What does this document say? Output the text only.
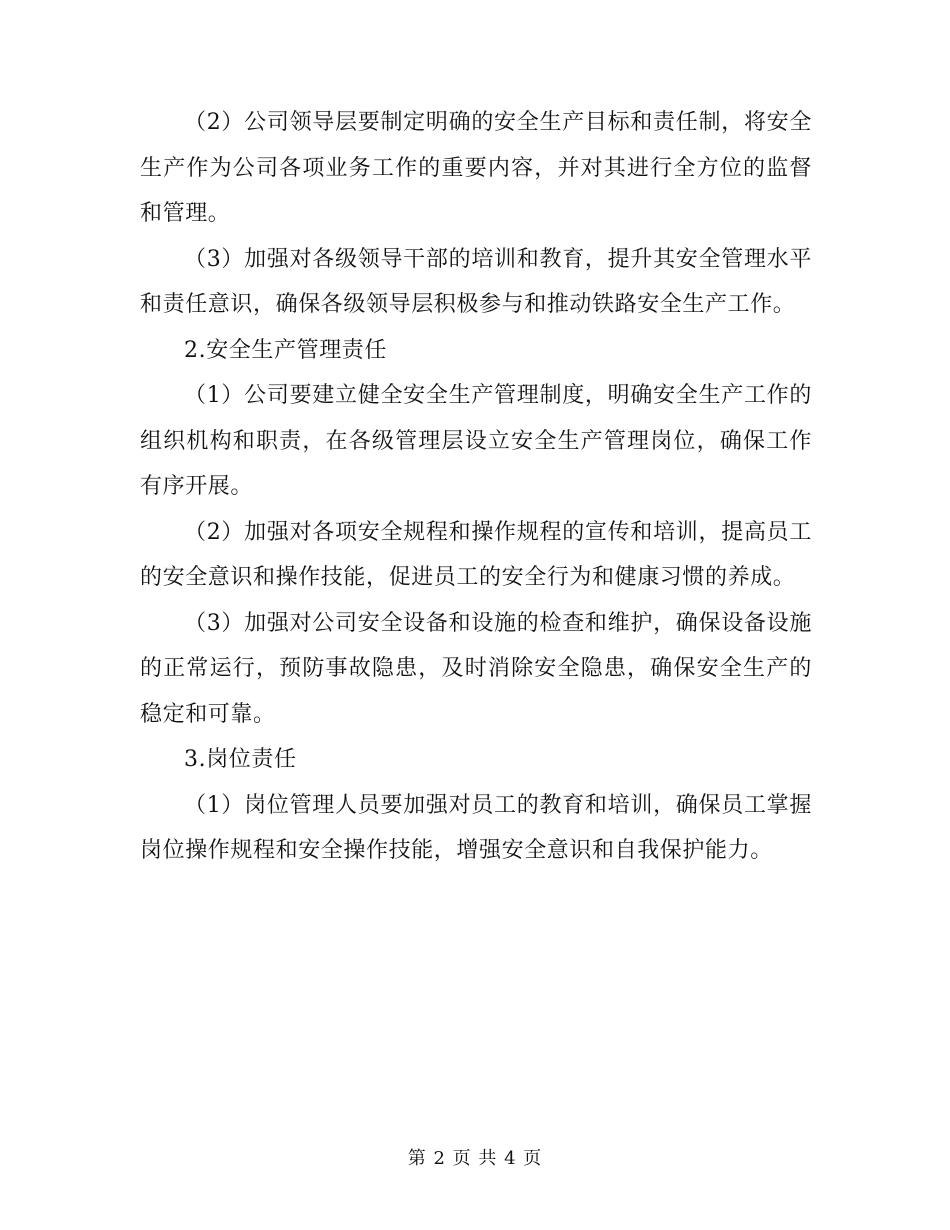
（2）公司领导层要制定明确的安全生产目标和责任制，将安全生产作为公司各项业务工作的重要内容，并对其进行全方位的监督和管理。

（3）加强对各级领导干部的培训和教育，提升其安全管理水平和责任意识，确保各级领导层积极参与和推动铁路安全生产工作。

2.安全生产管理责任

（1）公司要建立健全安全生产管理制度，明确安全生产工作的组织机构和职责，在各级管理层设立安全生产管理岗位，确保工作有序开展。

（2）加强对各项安全规程和操作规程的宣传和培训，提高员工的安全意识和操作技能，促进员工的安全行为和健康习惯的养成。

（3）加强对公司安全设备和设施的检查和维护，确保设备设施的正常运行，预防事故隐患，及时消除安全隐患，确保安全生产的稳定和可靠。

3.岗位责任

（1）岗位管理人员要加强对员工的教育和培训，确保员工掌握岗位操作规程和安全操作技能，增强安全意识和自我保护能力。

第 2 页 共 4 页
